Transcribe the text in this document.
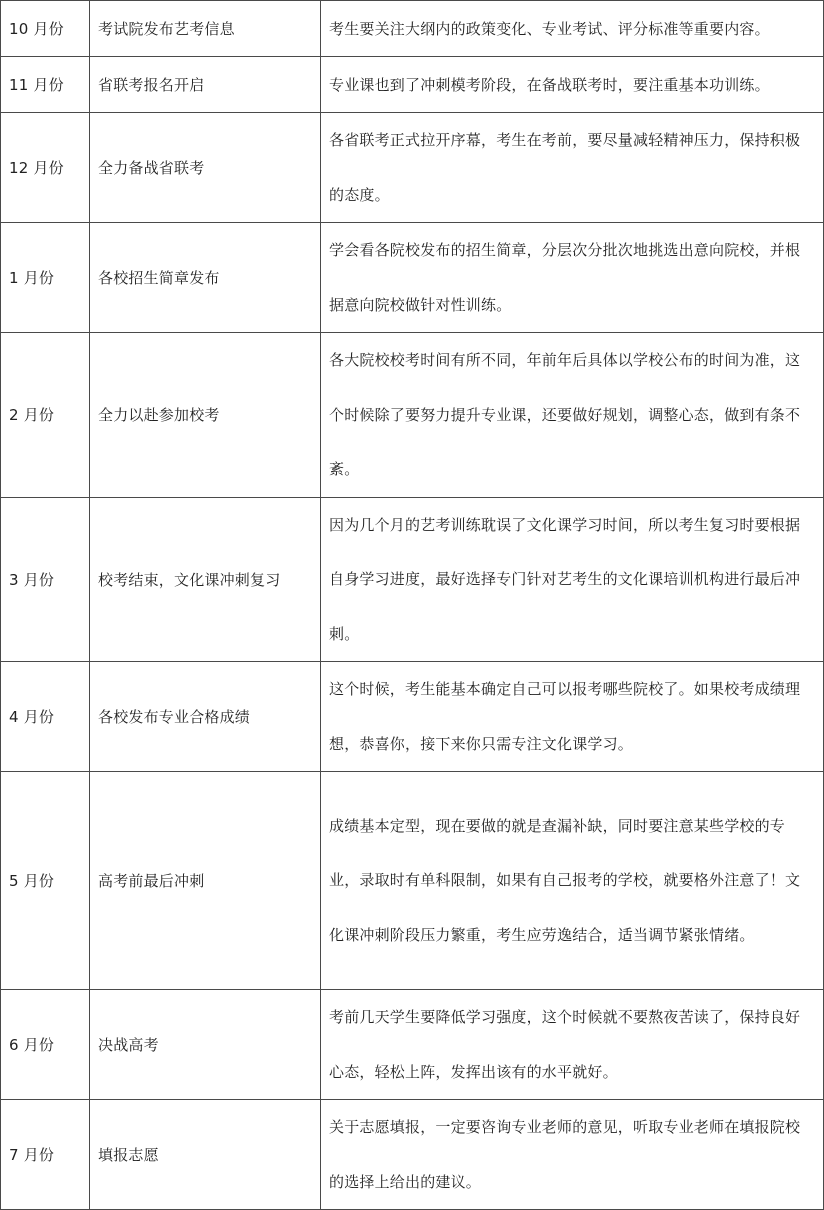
10 月份	考试院发布艺考信息	考生要关注大纲内的政策变化、专业考试、评分标准等重要内容。
11 月份	省联考报名开启	专业课也到了冲刺模考阶段，在备战联考时，要注重基本功训练。
12 月份	全力备战省联考	各省联考正式拉开序幕，考生在考前，要尽量减轻精神压力，保持积极的态度。
1 月份	各校招生简章发布	学会看各院校发布的招生简章，分层次分批次地挑选出意向院校，并根据意向院校做针对性训练。
2 月份	全力以赴参加校考	各大院校校考时间有所不同，年前年后具体以学校公布的时间为准，这个时候除了要努力提升专业课，还要做好规划，调整心态，做到有条不紊。
3 月份	校考结束，文化课冲刺复习	因为几个月的艺考训练耽误了文化课学习时间，所以考生复习时要根据自身学习进度，最好选择专门针对艺考生的文化课培训机构进行最后冲刺。
4 月份	各校发布专业合格成绩	这个时候，考生能基本确定自己可以报考哪些院校了。如果校考成绩理想，恭喜你，接下来你只需专注文化课学习。
5 月份	高考前最后冲刺	成绩基本定型，现在要做的就是查漏补缺，同时要注意某些学校的专业，录取时有单科限制，如果有自己报考的学校，就要格外注意了！文化课冲刺阶段压力繁重，考生应劳逸结合，适当调节紧张情绪。
6 月份	决战高考	考前几天学生要降低学习强度，这个时候就不要熬夜苦读了，保持良好心态，轻松上阵，发挥出该有的水平就好。
7 月份	填报志愿	关于志愿填报，一定要咨询专业老师的意见，听取专业老师在填报院校的选择上给出的建议。
